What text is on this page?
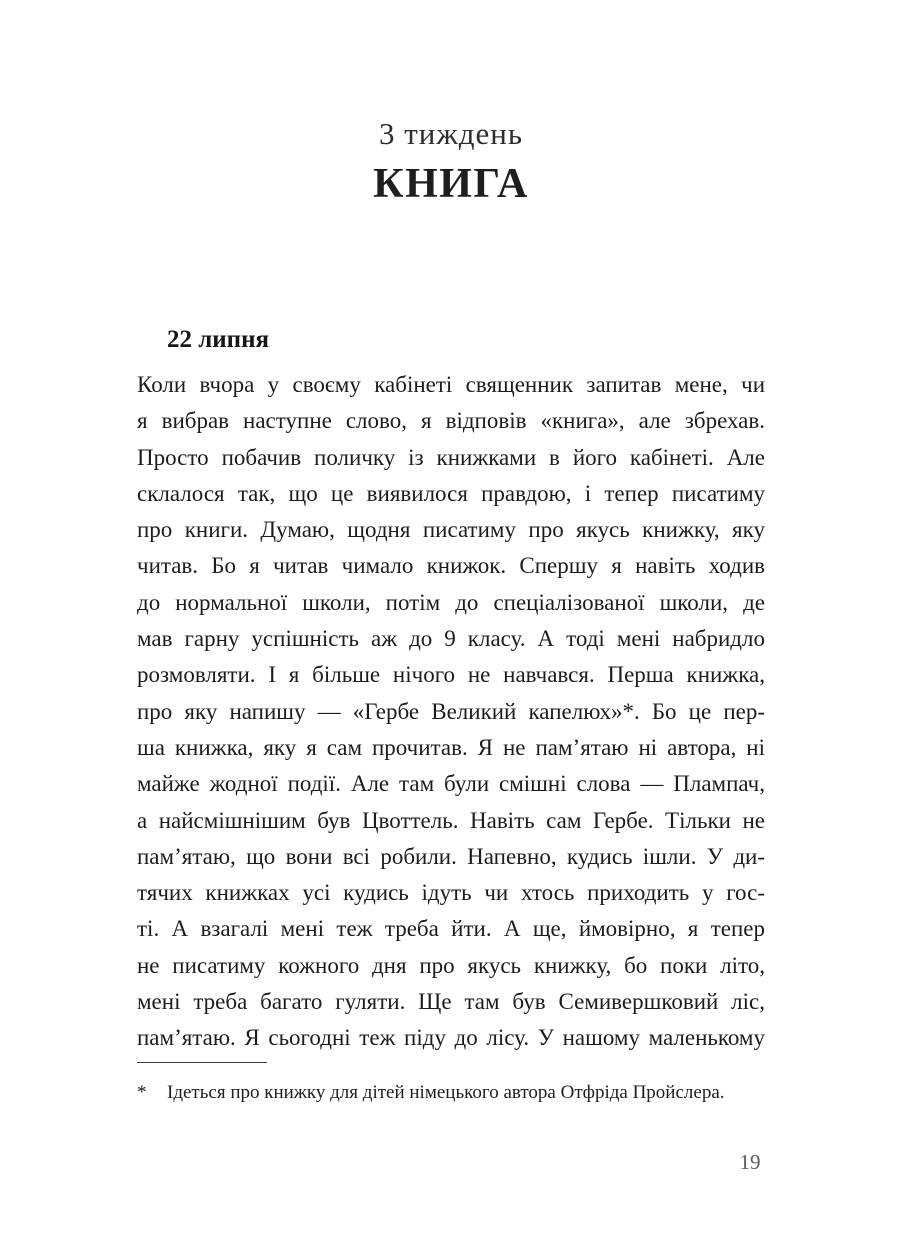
3 тиждень
КНИГА
22 липня
Коли вчора у своєму кабінеті священник запитав мене, чи
я вибрав наступне слово, я відповів «книга», але збрехав.
Просто побачив поличку із книжками в його кабінеті. Але
склалося так, що це виявилося правдою, і тепер писатиму
про книги. Думаю, щодня писатиму про якусь книжку, яку
читав. Бо я читав чимало книжок. Спершу я навіть ходив
до нормальної школи, потім до спеціалізованої школи, де
мав гарну успішність аж до 9 класу. А тоді мені набридло
розмовляти. І я більше нічого не навчався. Перша книжка,
про яку напишу — «Гербе Великий капелюх»*. Бо це пер-
ша книжка, яку я сам прочитав. Я не пам’ятаю ні автора, ні
майже жодної події. Але там були смішні слова — Плампач,
а найсмішнішим був Цвоттель. Навіть сам Гербе. Тільки не
пам’ятаю, що вони всі робили. Напевно, кудись ішли. У ди-
тячих книжках усі кудись ідуть чи хтось приходить у гос-
ті. А взагалі мені теж треба йти. А ще, ймовірно, я тепер
не писатиму кожного дня про якусь книжку, бо поки літо,
мені треба багато гуляти. Ще там був Семивершковий ліс,
пам’ятаю. Я сьогодні теж піду до лісу. У нашому маленькому
* Ідеться про книжку для дітей німецького автора Отфріда Пройслера.
19
